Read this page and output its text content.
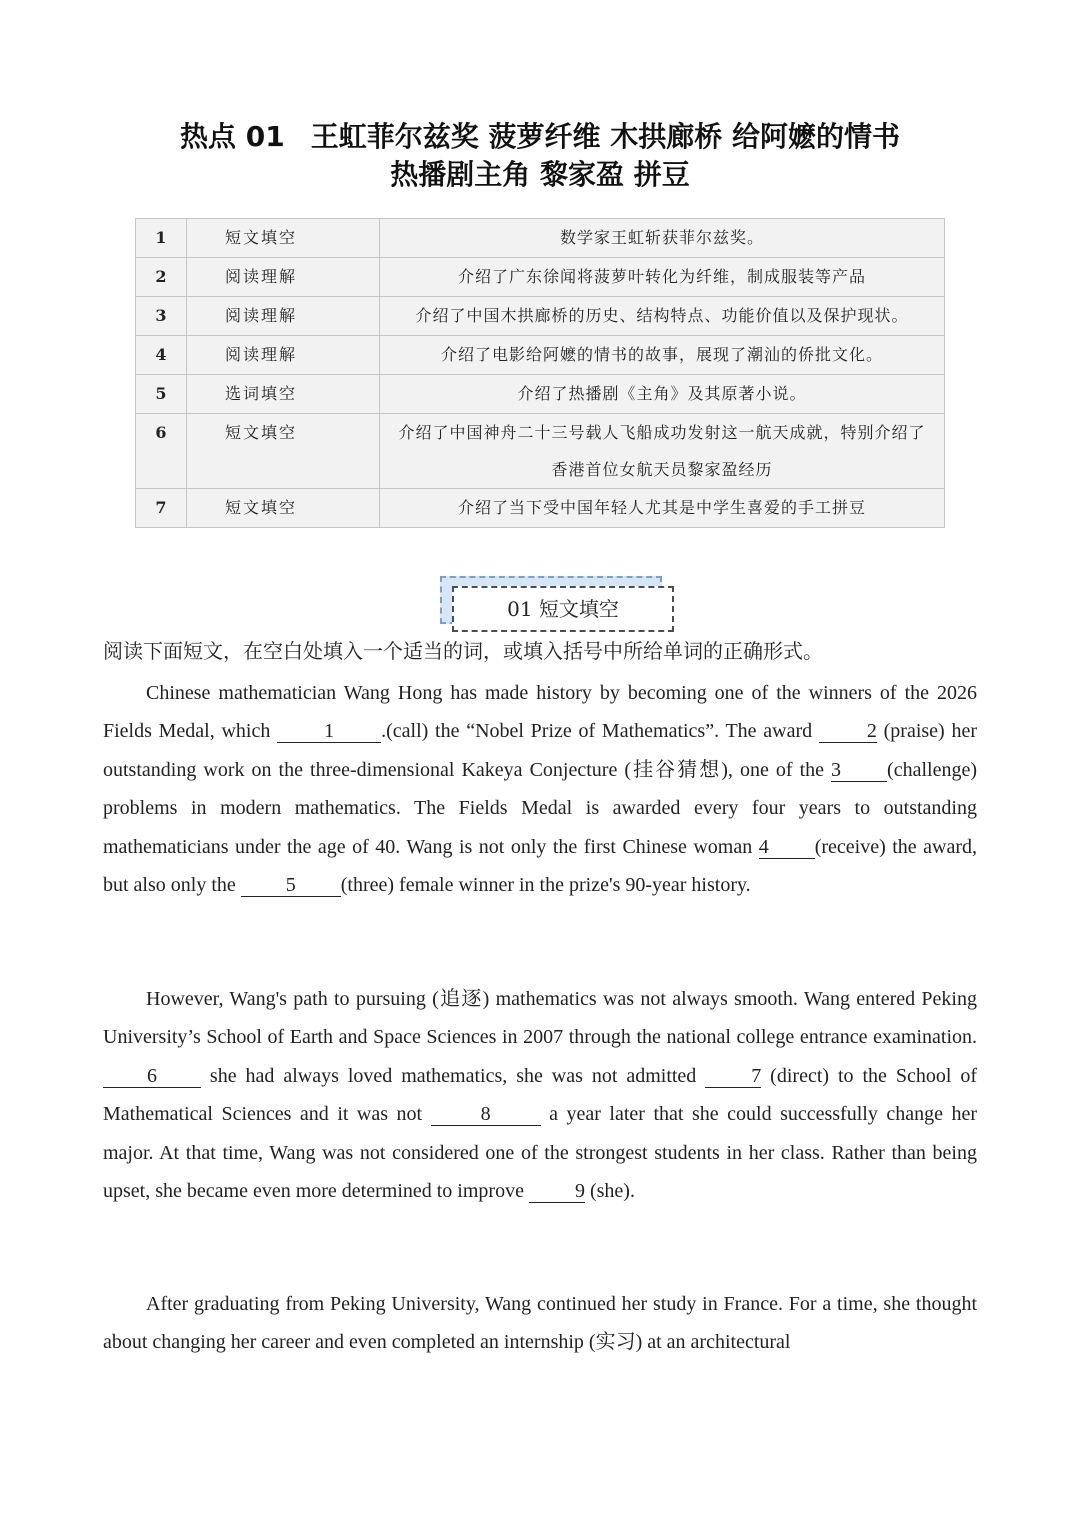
热点 01 王虹菲尔兹奖 菠萝纤维 木拱廊桥 给阿嬷的情书
热播剧主角 黎家盈 拼豆
1	短文填空	数学家王虹斩获菲尔兹奖。
2	阅读理解	介绍了广东徐闻将菠萝叶转化为纤维，制成服装等产品
3	阅读理解	介绍了中国木拱廊桥的历史、结构特点、功能价值以及保护现状。
4	阅读理解	介绍了电影给阿嬷的情书的故事，展现了潮汕的侨批文化。
5	选词填空	介绍了热播剧《主角》及其原著小说。
6	短文填空	介绍了中国神舟二十三号载人飞船成功发射这一航天成就，特别介绍了
香港首位女航天员黎家盈经历
7	短文填空	介绍了当下受中国年轻人尤其是中学生喜爱的手工拼豆
01 短文填空
阅读下面短文，在空白处填入一个适当的词，或填入括号中所给单词的正确形式。
Chinese mathematician Wang Hong has made history by becoming one of the winners of the 2026 Fields Medal, which 1 .(call) the “Nobel Prize of Mathematics”. The award 2 (praise) her outstanding work on the three-dimensional Kakeya Conjecture (挂谷猜想), one of the 3 (challenge) problems in modern mathematics. The Fields Medal is awarded every four years to outstanding mathematicians under the age of 40. Wang is not only the first Chinese woman 4 (receive) the award, but also only the 5 (three) female winner in the prize's 90-year history.
However, Wang's path to pursuing (追逐) mathematics was not always smooth. Wang entered Peking University’s School of Earth and Space Sciences in 2007 through the national college entrance examination. 6 she had always loved mathematics, she was not admitted 7 (direct) to the School of Mathematical Sciences and it was not	8	a year later that she could successfully change her major. At that time, Wang was not considered one of the strongest students in her class. Rather than being upset, she became even more determined to improve 9 (she).
After graduating from Peking University, Wang continued her study in France. For a time, she thought about changing her career and even completed an internship (实习) at an architectural
